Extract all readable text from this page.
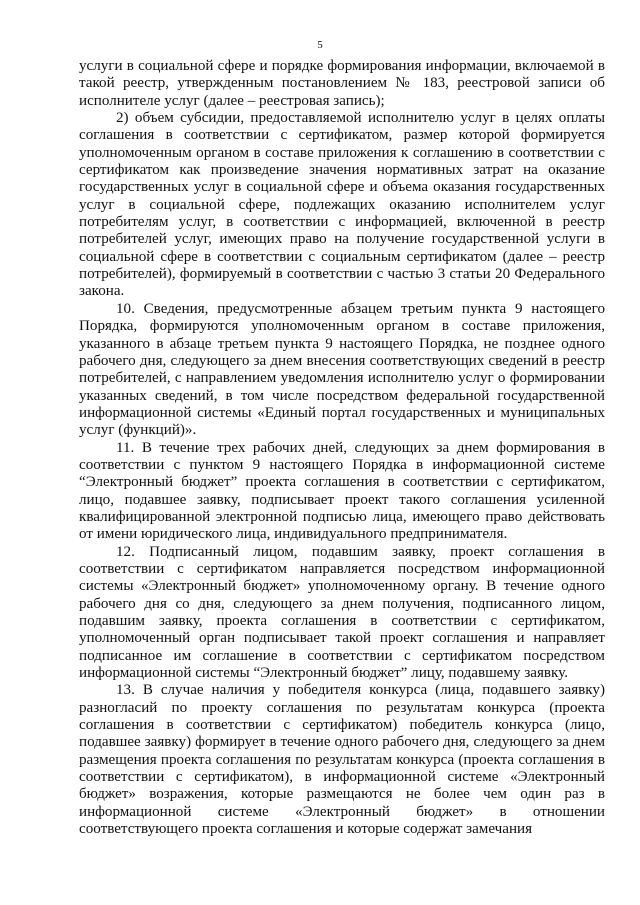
5

услуги в социальной сфере и порядке формирования информации, включаемой в такой реестр, утвержденным постановлением № 183, реестровой записи об исполнителе услуг (далее – реестровая запись);

2) объем субсидии, предоставляемой исполнителю услуг в целях оплаты соглашения в соответствии с сертификатом, размер которой формируется уполномоченным органом в составе приложения к соглашению в соответствии с сертификатом как произведение значения нормативных затрат на оказание государственных услуг в социальной сфере и объема оказания государственных услуг в социальной сфере, подлежащих оказанию исполнителем услуг потребителям услуг, в соответствии с информацией, включенной в реестр потребителей услуг, имеющих право на получение государственной услуги в социальной сфере в соответствии с социальным сертификатом (далее – реестр потребителей), формируемый в соответствии с частью 3 статьи 20 Федерального закона.

10. Сведения, предусмотренные абзацем третьим пункта 9 настоящего Порядка, формируются уполномоченным органом в составе приложения, указанного в абзаце третьем пункта 9 настоящего Порядка, не позднее одного рабочего дня, следующего за днем внесения соответствующих сведений в реестр потребителей, с направлением уведомления исполнителю услуг о формировании указанных сведений, в том числе посредством федеральной государственной информационной системы «Единый портал государственных и муниципальных услуг (функций)».

11. В течение трех рабочих дней, следующих за днем формирования в соответствии с пунктом 9 настоящего Порядка в информационной системе “Электронный бюджет” проекта соглашения в соответствии с сертификатом, лицо, подавшее заявку, подписывает проект такого соглашения усиленной квалифицированной электронной подписью лица, имеющего право действовать от имени юридического лица, индивидуального предпринимателя.

12. Подписанный лицом, подавшим заявку, проект соглашения в соответствии с сертификатом направляется посредством информационной системы «Электронный бюджет» уполномоченному органу. В течение одного рабочего дня со дня, следующего за днем получения, подписанного лицом, подавшим заявку, проекта соглашения в соответствии с сертификатом, уполномоченный орган подписывает такой проект соглашения и направляет подписанное им соглашение в соответствии с сертификатом посредством информационной системы “Электронный бюджет” лицу, подавшему заявку.

13. В случае наличия у победителя конкурса (лица, подавшего заявку) разногласий по проекту соглашения по результатам конкурса (проекта соглашения в соответствии с сертификатом) победитель конкурса (лицо, подавшее заявку) формирует в течение одного рабочего дня, следующего за днем размещения проекта соглашения по результатам конкурса (проекта соглашения в соответствии с сертификатом), в информационной системе «Электронный бюджет» возражения, которые размещаются не более чем один раз в информационной системе «Электронный бюджет» в отношении соответствующего проекта соглашения и которые содержат замечания
